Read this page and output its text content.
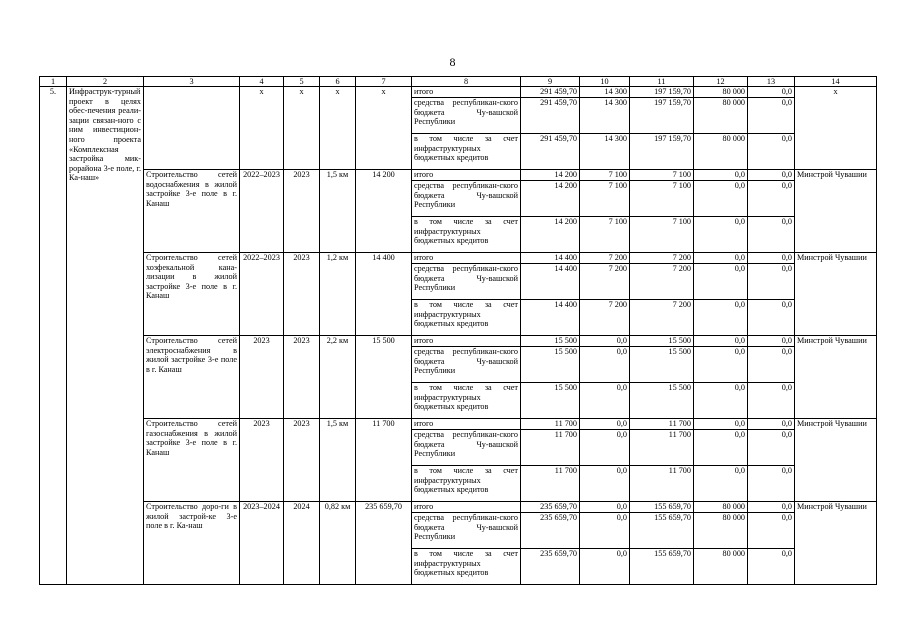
8
1	2	3	4	5	6	7	8	9	10	11	12	13	14
5.	Инфраструк-турный проект в целях обес-печения реали-зации связан-ного с ним инвестицион-ного проекта «Комплексная застройка мик-рорайона 3-е поле, г. Ка-наш»		х	х	х	х	итого	291 459,70	14 300	197 159,70	80 000	0,0	х
							средства республикан-ского бюджета Чу-вашской Республики	291 459,70	14 300	197 159,70	80 000	0,0	
							в том числе за счет инфраструктурных бюджетных кредитов	291 459,70	14 300	197 159,70	80 000	0,0	
		Строительство сетей водоснабжения в жилой застройке 3-е поле в г. Канаш	2022–2023	2023	1,5 км	14 200	итого	14 200	7 100	7 100	0,0	0,0	Минстрой Чувашии
							средства республикан-ского бюджета Чу-вашской Республики	14 200	7 100	7 100	0,0	0,0	
							в том числе за счет инфраструктурных бюджетных кредитов	14 200	7 100	7 100	0,0	0,0	
		Строительство сетей хозфекальной кана-лизации в жилой застройке 3-е поле в г. Канаш	2022–2023	2023	1,2 км	14 400	итого	14 400	7 200	7 200	0,0	0,0	Минстрой Чувашии
							средства республикан-ского бюджета Чу-вашской Республики	14 400	7 200	7 200	0,0	0,0	
							в том числе за счет инфраструктурных бюджетных кредитов	14 400	7 200	7 200	0,0	0,0	
		Строительство сетей электроснабжения в жилой застройке 3-е поле в г. Канаш	2023	2023	2,2 км	15 500	итого	15 500	0,0	15 500	0,0	0,0	Минстрой Чувашии
							средства республикан-ского бюджета Чу-вашской Республики	15 500	0,0	15 500	0,0	0,0	
							в том числе за счет инфраструктурных бюджетных кредитов	15 500	0,0	15 500	0,0	0,0	
		Строительство сетей газоснабжения в жилой застройке 3-е поле в г. Канаш	2023	2023	1,5 км	11 700	итого	11 700	0,0	11 700	0,0	0,0	Минстрой Чувашии
							средства республикан-ского бюджета Чу-вашской Республики	11 700	0,0	11 700	0,0	0,0	
							в том числе за счет инфраструктурных бюджетных кредитов	11 700	0,0	11 700	0,0	0,0	
		Строительство доро-ги в жилой застрой-ке 3-е поле в г. Ка-наш	2023–2024	2024	0,82 км	235 659,70	итого	235 659,70	0,0	155 659,70	80 000	0,0	Минстрой Чувашии
							средства республикан-ского бюджета Чу-вашской Республики	235 659,70	0,0	155 659,70	80 000	0,0	
							в том числе за счет инфраструктурных бюджетных кредитов	235 659,70	0,0	155 659,70	80 000	0,0	
